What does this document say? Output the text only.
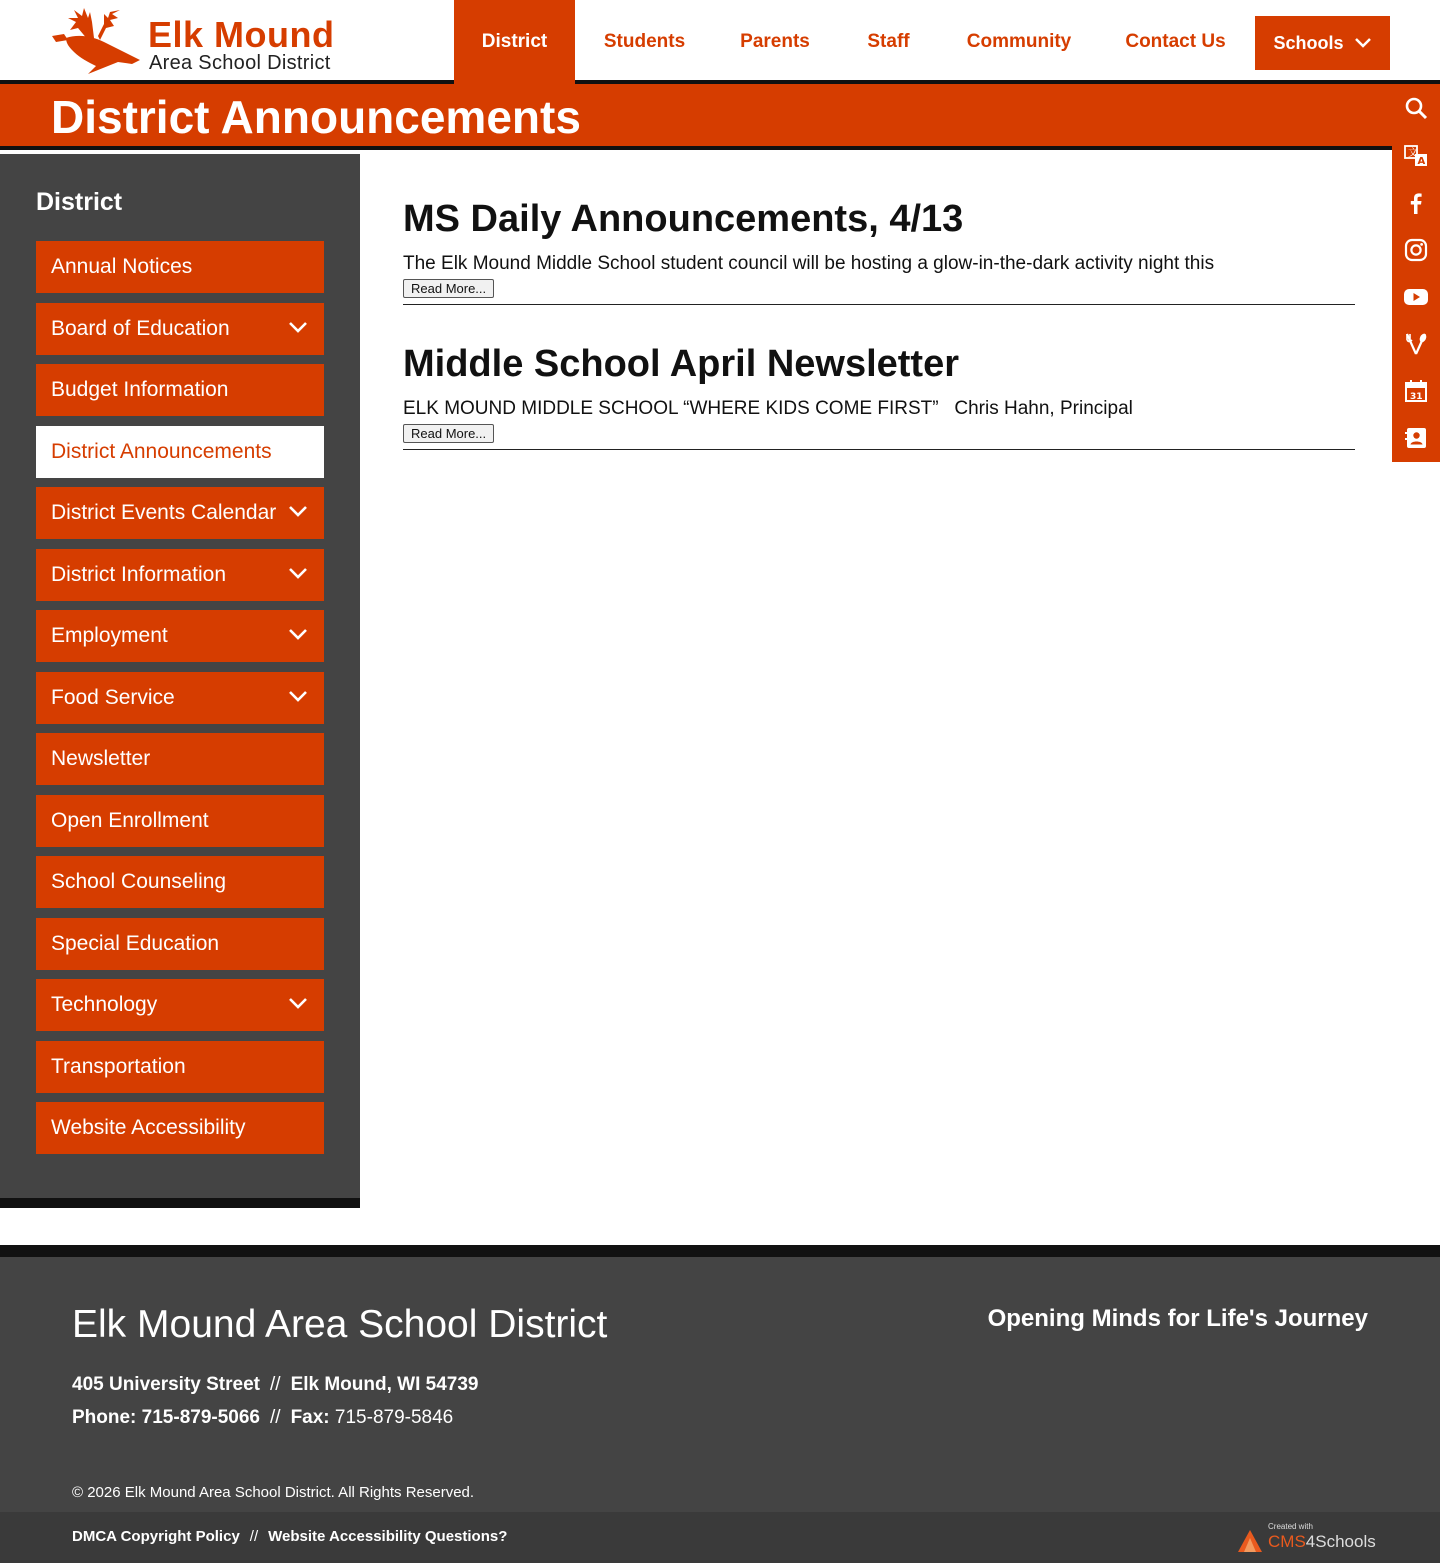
Elk Mound
Area School District
District	Students	Parents	Staff	Community	Contact Us	Schools
District Announcements
文
A
31
District
Annual Notices
Board of Education
Budget Information
District Announcements
District Events Calendar
District Information
Employment
Food Service
Newsletter
Open Enrollment
School Counseling
Special Education
Technology
Transportation
Website Accessibility
MS Daily Announcements, 4/13

The Elk Mound Middle School student council will be hosting a glow-in-the-dark activity night this

Read More...
Middle School April Newsletter

ELK MOUND MIDDLE SCHOOL “WHERE KIDS COME FIRST”   Chris Hahn, Principal

Read More...
Elk Mound Area School District	Opening Minds for Life's Journey
405 University Street // Elk Mound, WI 54739
Phone: 715-879-5066 // Fax: 715-879-5846
© 2026 Elk Mound Area School District. All Rights Reserved.
DMCA Copyright Policy // Website Accessibility Questions?
Created with
CMS4Schools
